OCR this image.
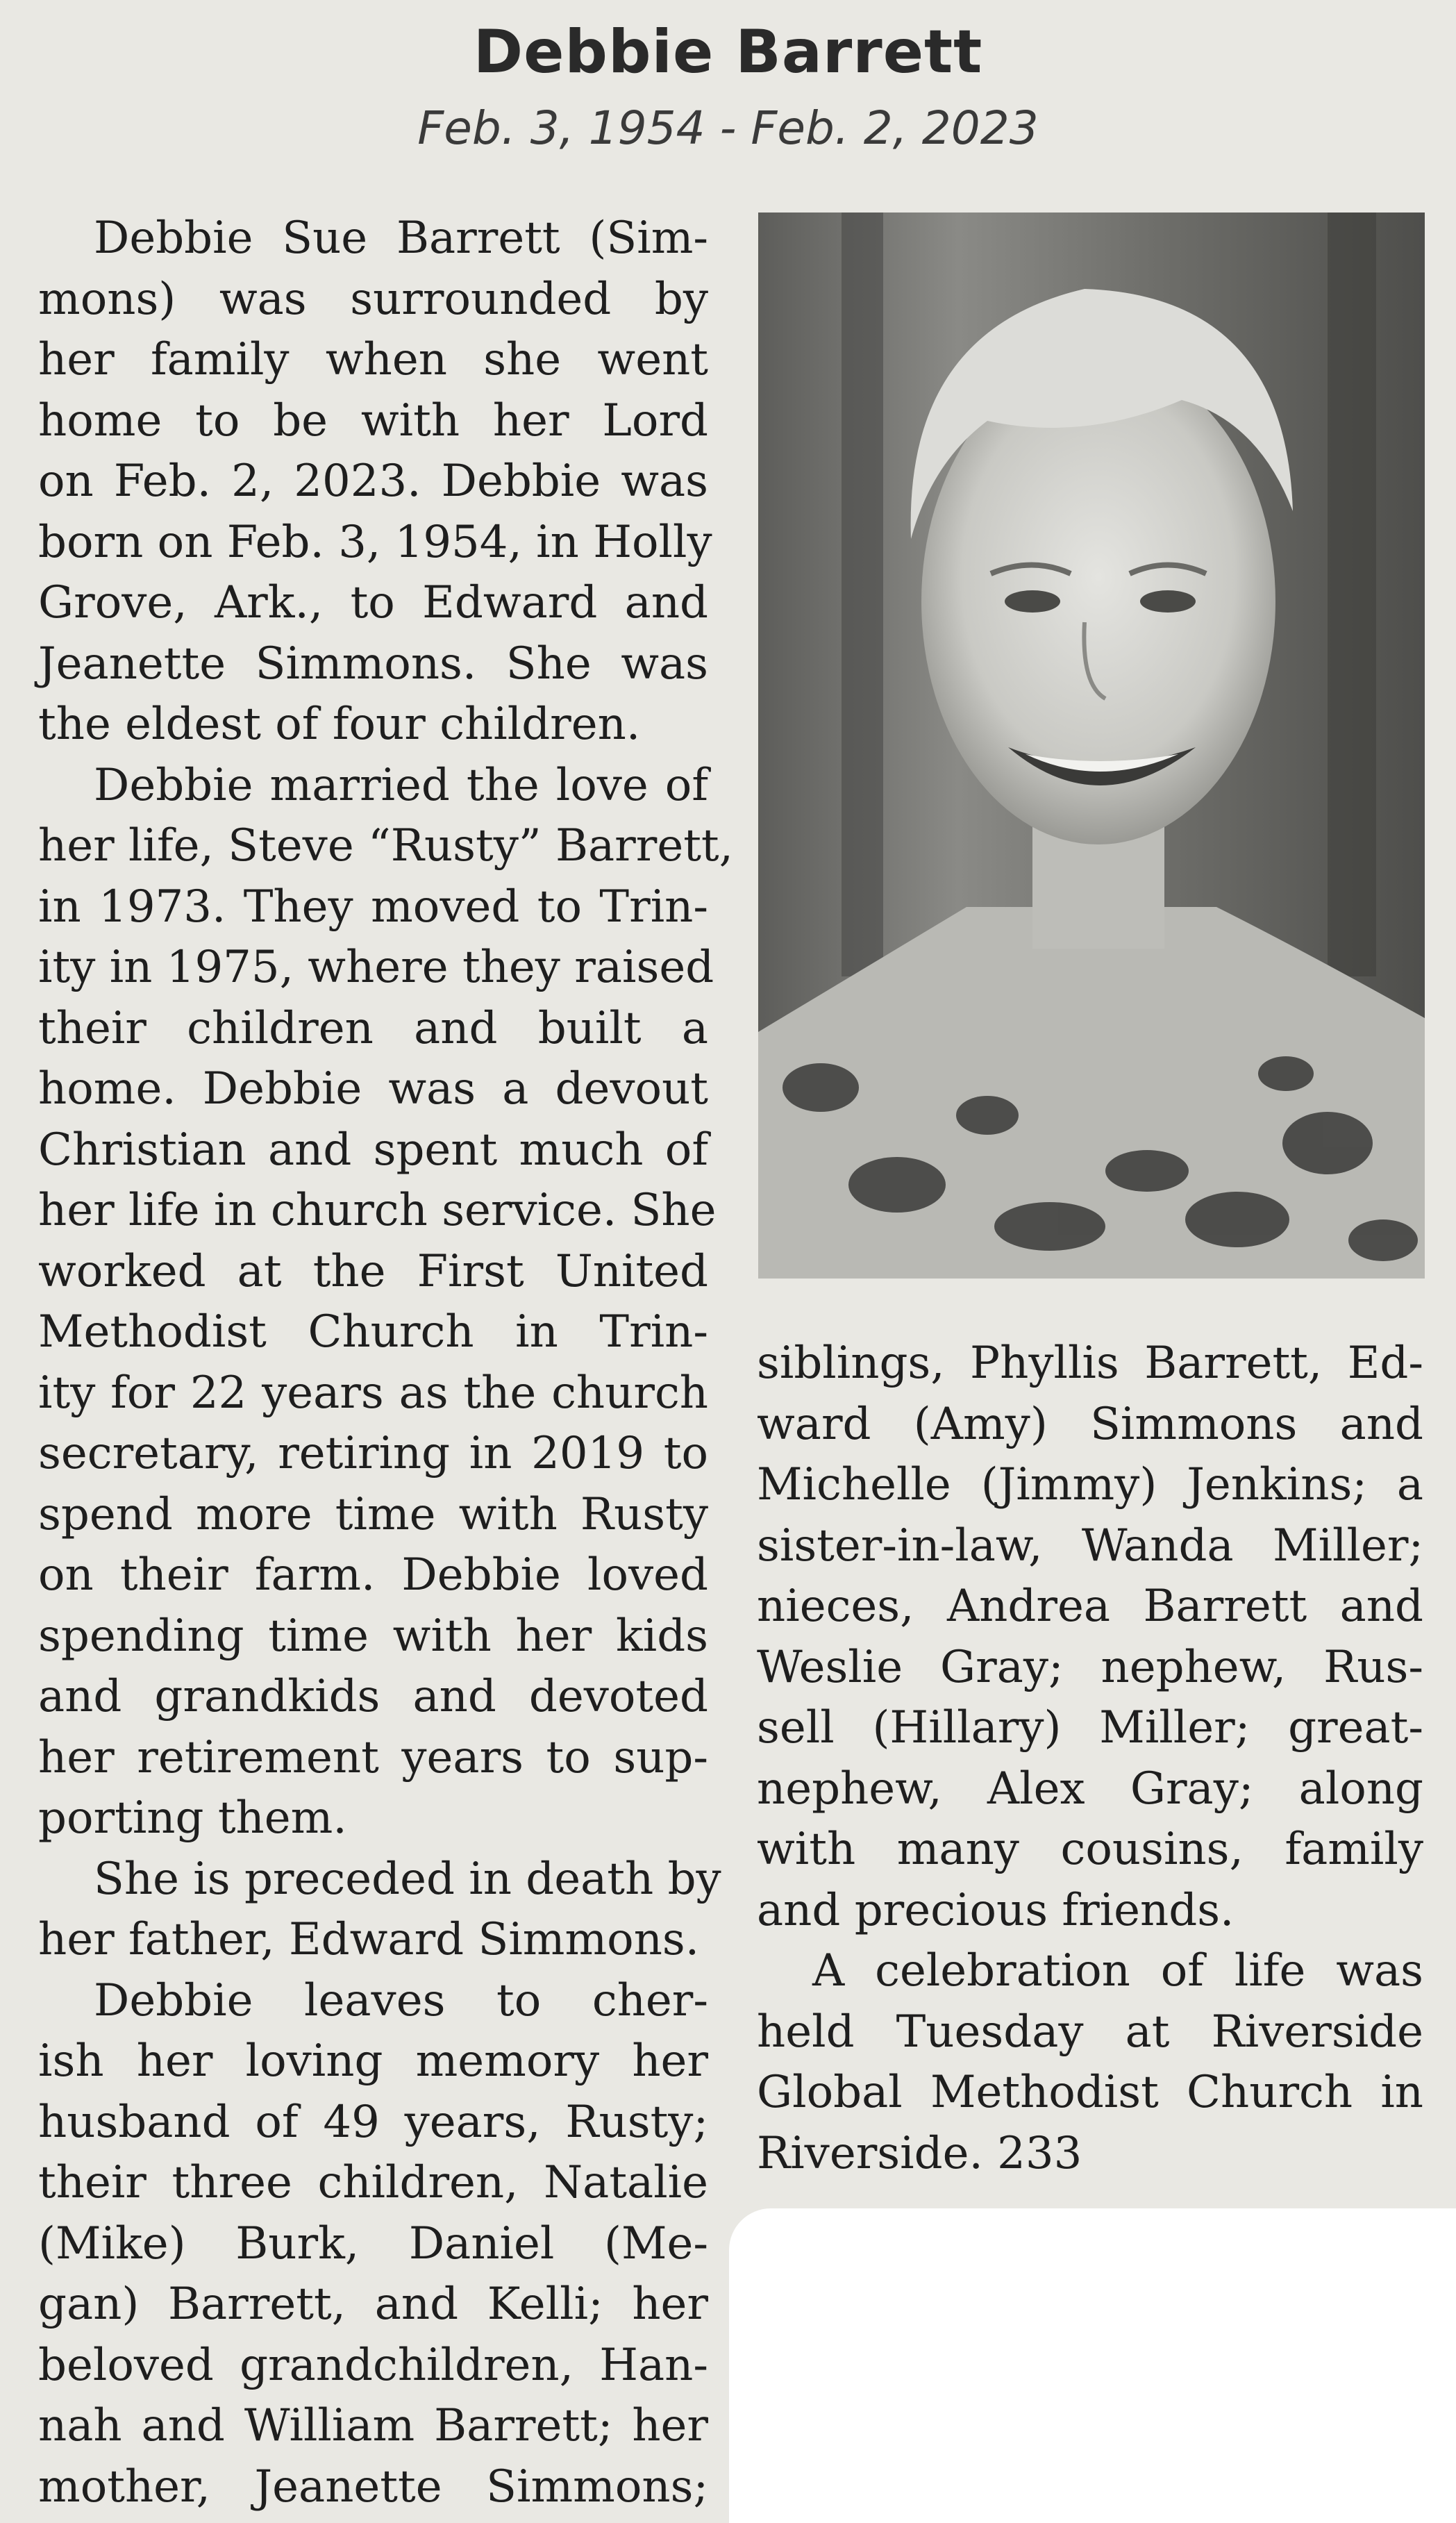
Debbie Barrett
Feb. 3, 1954 - Feb. 2, 2023
Debbie Sue Barrett (Sim-
mons) was surrounded by
her family when she went
home to be with her Lord
on Feb. 2, 2023. Debbie was
born on Feb. 3, 1954, in Holly
Grove, Ark., to Edward and
Jeanette Simmons. She was
the eldest of four children.
Debbie married the love of
her life, Steve “Rusty” Barrett,
in 1973. They moved to Trin-
ity in 1975, where they raised
their children and built a
home. Debbie was a devout
Christian and spent much of
her life in church service. She
worked at the First United
Methodist Church in Trin-
ity for 22 years as the church
secretary, retiring in 2019 to
spend more time with Rusty
on their farm. Debbie loved
spending time with her kids
and grandkids and devoted
her retirement years to sup-
porting them.
She is preceded in death by
her father, Edward Simmons.
Debbie leaves to cher-
ish her loving memory her
husband of 49 years, Rusty;
their three children, Natalie
(Mike) Burk, Daniel (Me-
gan) Barrett, and Kelli; her
beloved grandchildren, Han-
nah and William Barrett; her
mother, Jeanette Simmons;
siblings, Phyllis Barrett, Ed-
ward (Amy) Simmons and
Michelle (Jimmy) Jenkins; a
sister-in-law, Wanda Miller;
nieces, Andrea Barrett and
Weslie Gray; nephew, Rus-
sell (Hillary) Miller; great-
nephew, Alex Gray; along
with many cousins, family
and precious friends.
A celebration of life was
held Tuesday at Riverside
Global Methodist Church in
Riverside. 233
